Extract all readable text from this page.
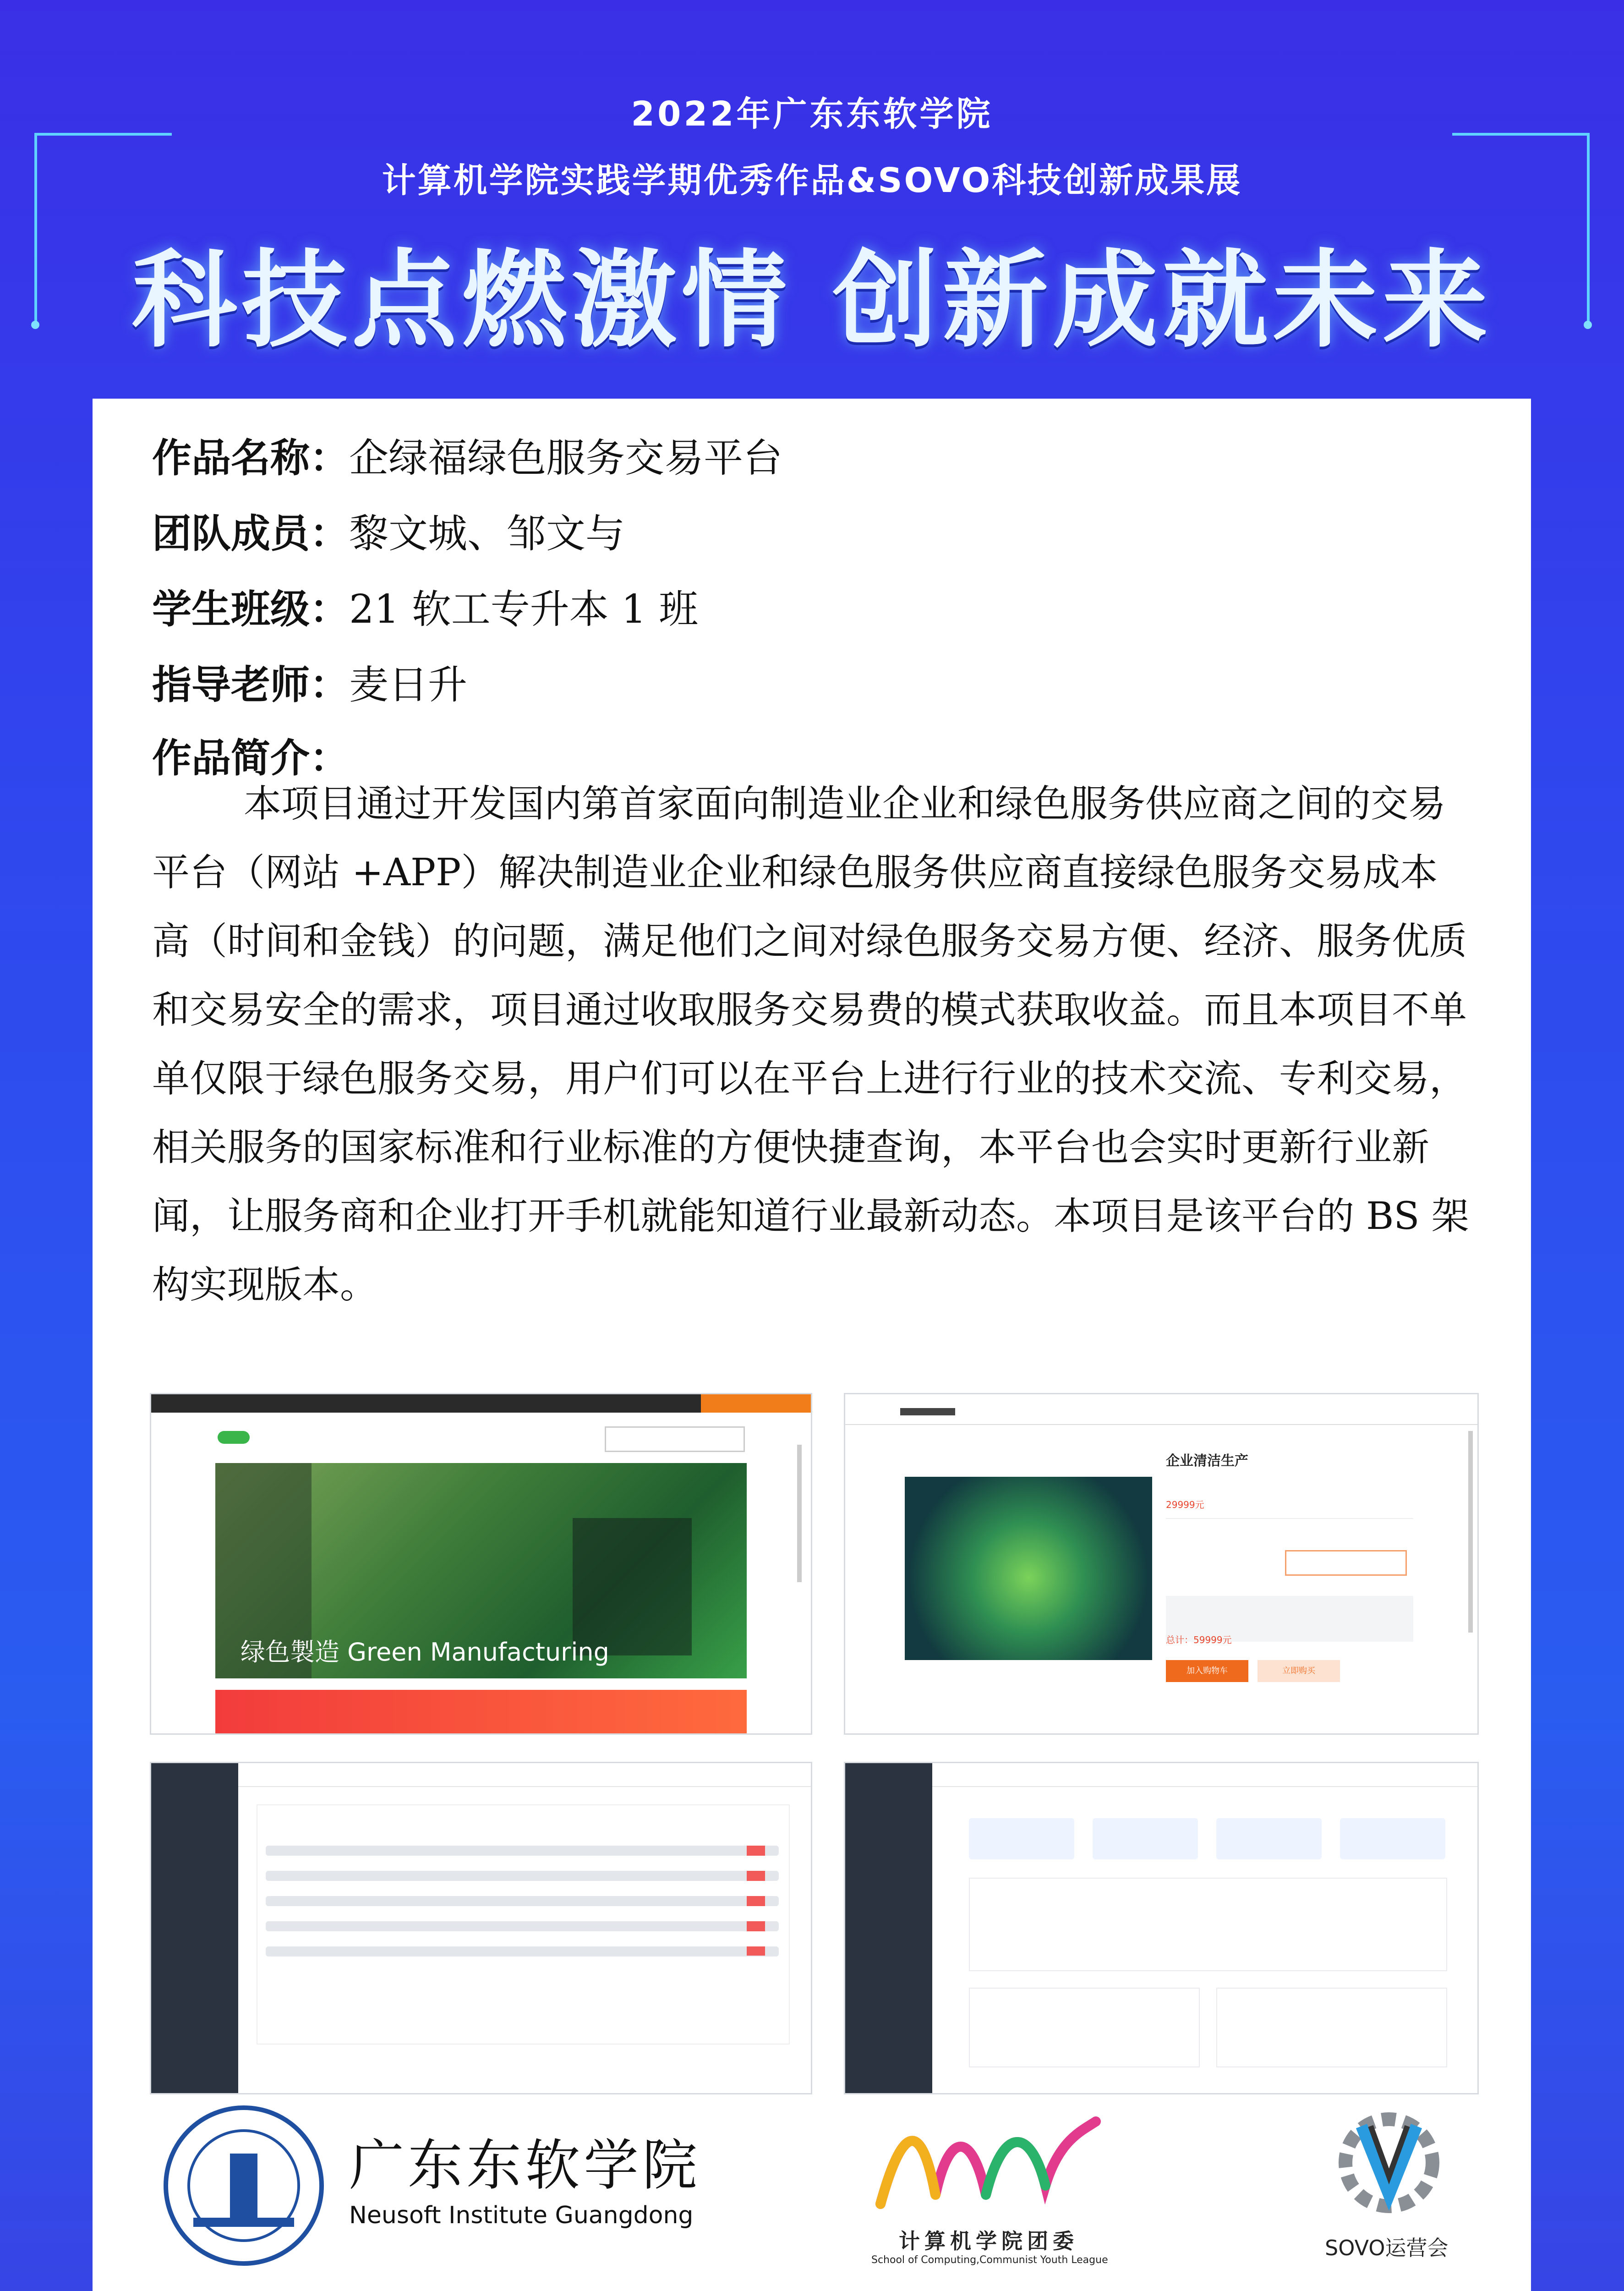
2022年广东东软学院
计算机学院实践学期优秀作品&SOVO科技创新成果展
科技点燃激情 创新成就未来
作品名称：企绿福绿色服务交易平台
团队成员：黎文城、邹文与
学生班级：21 软工专升本 1 班
指导老师：麦日升
作品简介：
本项目通过开发国内第首家面向制造业企业和绿色服务供应商之间的交易平台（网站 +APP）解决制造业企业和绿色服务供应商直接绿色服务交易成本高（时间和金钱）的问题，满足他们之间对绿色服务交易方便、经济、服务优质和交易安全的需求，项目通过收取服务交易费的模式获取收益。而且本项目不单单仅限于绿色服务交易，用户们可以在平台上进行行业的技术交流、专利交易，相关服务的国家标准和行业标准的方便快捷查询，本平台也会实时更新行业新闻，让服务商和企业打开手机就能知道行业最新动态。本项目是该平台的 BS 架构实现版本。
绿色製造 Green Manufacturing
企业清洁生产
29999元
总计：59999元
加入购物车	立即购买
广东东软学院
Neusoft Institute Guangdong
计算机学院团委
School of Computing,Communist Youth League	SOVO运营会
